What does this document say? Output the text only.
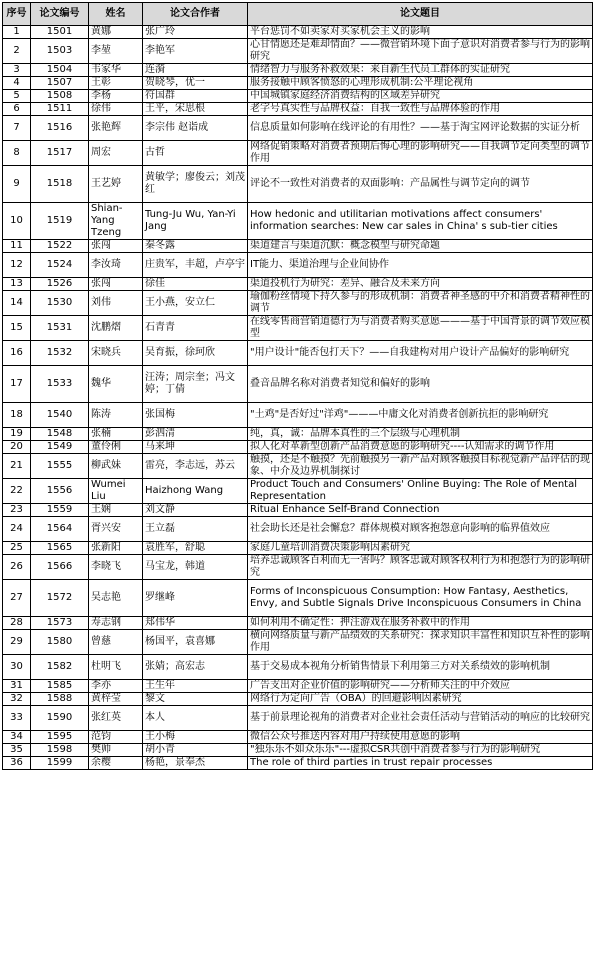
序号	论文编号	姓名	论文合作者	论文题目
1	1501	黄娜	张广玲	平台惩罚不如卖家对买家机会主义的影响
2	1503	李堃	李艳军	心甘情愿还是难却情面？——微营销环境下面子意识对消费者参与行为的影响研究
3	1504	韦家华	连漪	情绪智力与服务补救效果：来自新生代员工群体的实证研究
4	1507	王彰	贺晓琴，优一	服务接触中顾客愤怒的心理形成机制:公平理论视角
5	1508	李杨	符国群	中国城镇家庭经济消费结构的区域差异研究
6	1511	徐伟	王平，宋思根	老字号真实性与品牌权益：自我一致性与品牌体验的作用
7	1516	张艳辉	李宗伟 赵诣成	信息质量如何影响在线评论的有用性？——基于淘宝网评论数据的实证分析
8	1517	周宏	古哲	网络促销策略对消费者预期后悔心理的影响研究——自我调节定向类型的调节作用
9	1518	王艺婷	黄敏学；廖俊云；刘茂红	评论不一致性对消费者的双面影响：产品属性与调节定向的调节
10	1519	Shian-Yang Tzeng	Tung-Ju Wu, Yan-Yi Jang	How hedonic and utilitarian motivations affect consumers' information searches: New car sales in China' s sub-tier cities
11	1522	张闯	秦冬露	渠道建言与渠道沉默：概念模型与研究命题
12	1524	李汝琦	庄贵军，丰超，卢亭宇	IT能力、渠道治理与企业间协作
13	1526	张闯	徐佳	渠道投机行为研究：差异、融合及未来方向
14	1530	刘伟	王小燕，安立仁	瑜伽粉丝情境下持久参与的形成机制：消费者神圣感的中介和消费者精神性的调节
15	1531	沈鹏熠	石青青	在线零售商营销道德行为与消费者购买意愿———基于中国背景的调节效应模型
16	1532	宋晓兵	吴育振，徐珂欣	"用户设计"能否包打天下？——自我建构对用户设计产品偏好的影响研究
17	1533	魏华	汪涛；周宗奎；冯文婷；丁倩	叠音品牌名称对消费者知觉和偏好的影响
18	1540	陈涛	张国梅	"土鸡"是否好过"洋鸡"———中庸文化对消费者创新抗拒的影响研究
19	1548	张楠	彭泗清	纯，真，诚：品牌本真性的三个层级与心理机制
20	1549	董伶俐	马来坤	拟人化对革新型创新产品消费意愿的影响研究----认知需求的调节作用
21	1555	柳武妹	雷亮，李志远，苏云	触摸，还是不触摸？先前触摸另一新产品对顾客触摸目标视觉新产品评估的现象、中介及边界机制探讨
22	1556	Wumei Liu	Haizhong Wang	Product Touch and Consumers' Online Buying: The Role of Mental Representation
23	1559	王娴	刘文静	Ritual Enhance Self-Brand Connection
24	1564	胥兴安	王立磊	社会助长还是社会懈怠？群体规模对顾客抱怨意向影响的临界值效应
25	1565	张新阳	袁胜军，舒聪	家庭儿童培训消费决策影响因素研究
26	1566	李晓飞	马宝龙，韩道	培养忠诚顾客百利而无一害吗？顾客忠诚对顾客权利行为和抱怨行为的影响研究
27	1572	吴志艳	罗继峰	Forms of Inconspicuous Consumption: How Fantasy, Aesthetics, Envy, and Subtle Signals Drive Inconspicuous Consumers in China
28	1573	寿志钢	郑伟华	如何利用不确定性：押注游戏在服务补救中的作用
29	1580	曾慈	杨国平，袁喜娜	横向网络质量与新产品绩效的关系研究：探求知识丰富性和知识互补性的影响作用
30	1582	杜明飞	张婧；高宏志	基于交易成本视角分析销售情景下利用第三方对关系绩效的影响机制
31	1585	李亦	王生年	广告支出对企业价值的影响研究——分析师关注的中介效应
32	1588	黄梓莹	黎文	网络行为定向广告（OBA）的回避影响因素研究
33	1590	张红英	本人	基于前景理论视角的消费者对企业社会责任活动与营销活动的响应的比较研究
34	1595	范钧	王小梅	微信公众号推送内容对用户持续使用意愿的影响
35	1598	樊帅	胡小青	"独乐乐不如众乐乐"---虚拟CSR共创中消费者参与行为的影响研究
36	1599	余樱	杨艳，景奉杰	The role of third parties in trust repair processes
